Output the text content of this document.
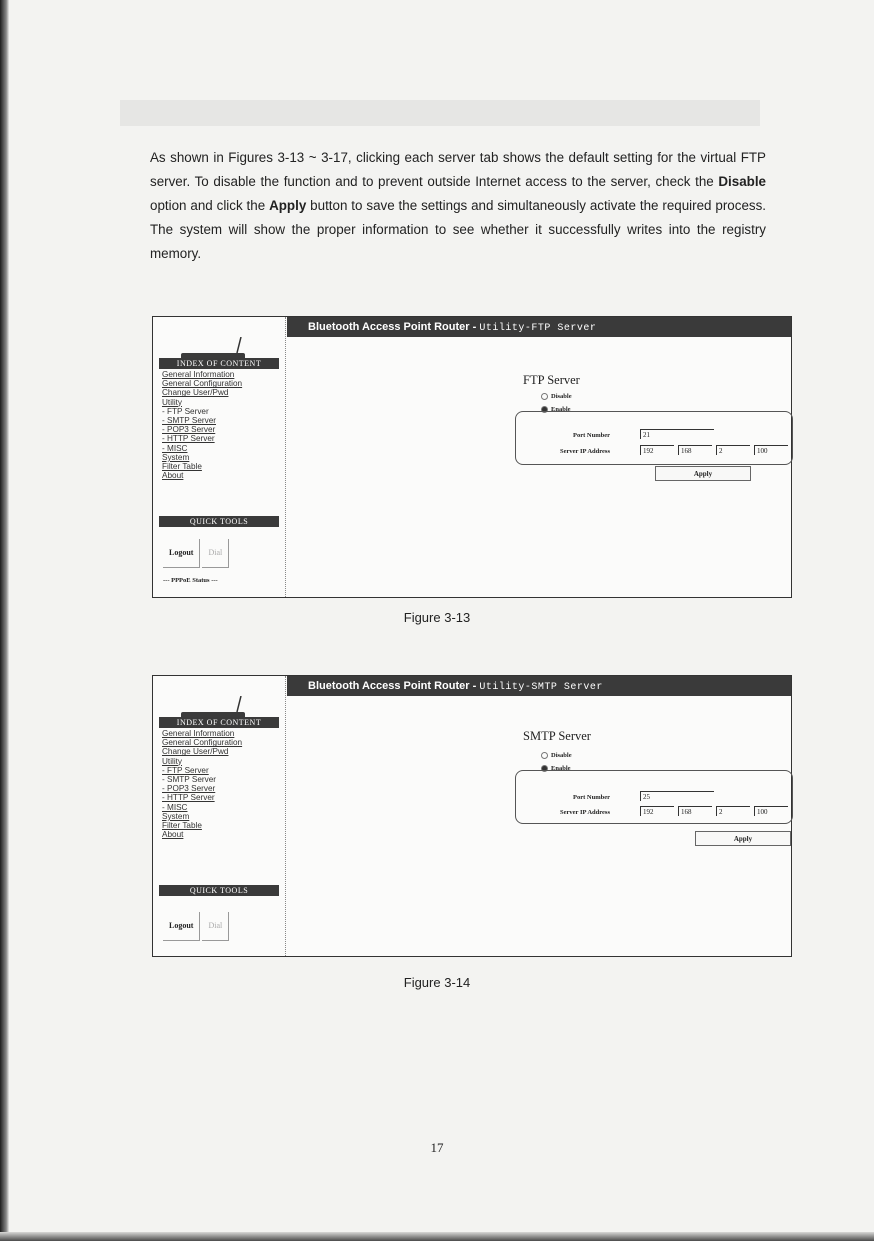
As shown in Figures 3-13 ~ 3-17, clicking each server tab shows the default setting for the virtual FTP server. To disable the function and to prevent outside Internet access to the server, check the Disable option and click the Apply button to save the settings and simultaneously activate the required process. The system will show the proper information to see whether it successfully writes into the registry memory.

INDEX OF CONTENT
General Information
General Configuration
Change User/Pwd
Utility
- FTP Server
- SMTP Server
- POP3 Server
- HTTP Server
- MISC
System
Filter Table
About
QUICK TOOLS
Logout Dial
--- PPPoE Status ---
Bluetooth Access Point Router - Utility-FTP Server
FTP Server
Disable
Enable
Port Number	21
Server IP Address	192	168	2	100
Apply
Figure 3-13
INDEX OF CONTENT
General Information
General Configuration
Change User/Pwd
Utility
- FTP Server
- SMTP Server
- POP3 Server
- HTTP Server
- MISC
System
Filter Table
About
QUICK TOOLS
Logout Dial
Bluetooth Access Point Router - Utility-SMTP Server
SMTP Server
Disable
Enable
Port Number	25
Server IP Address	192	168	2	100
Apply
Figure 3-14
17
